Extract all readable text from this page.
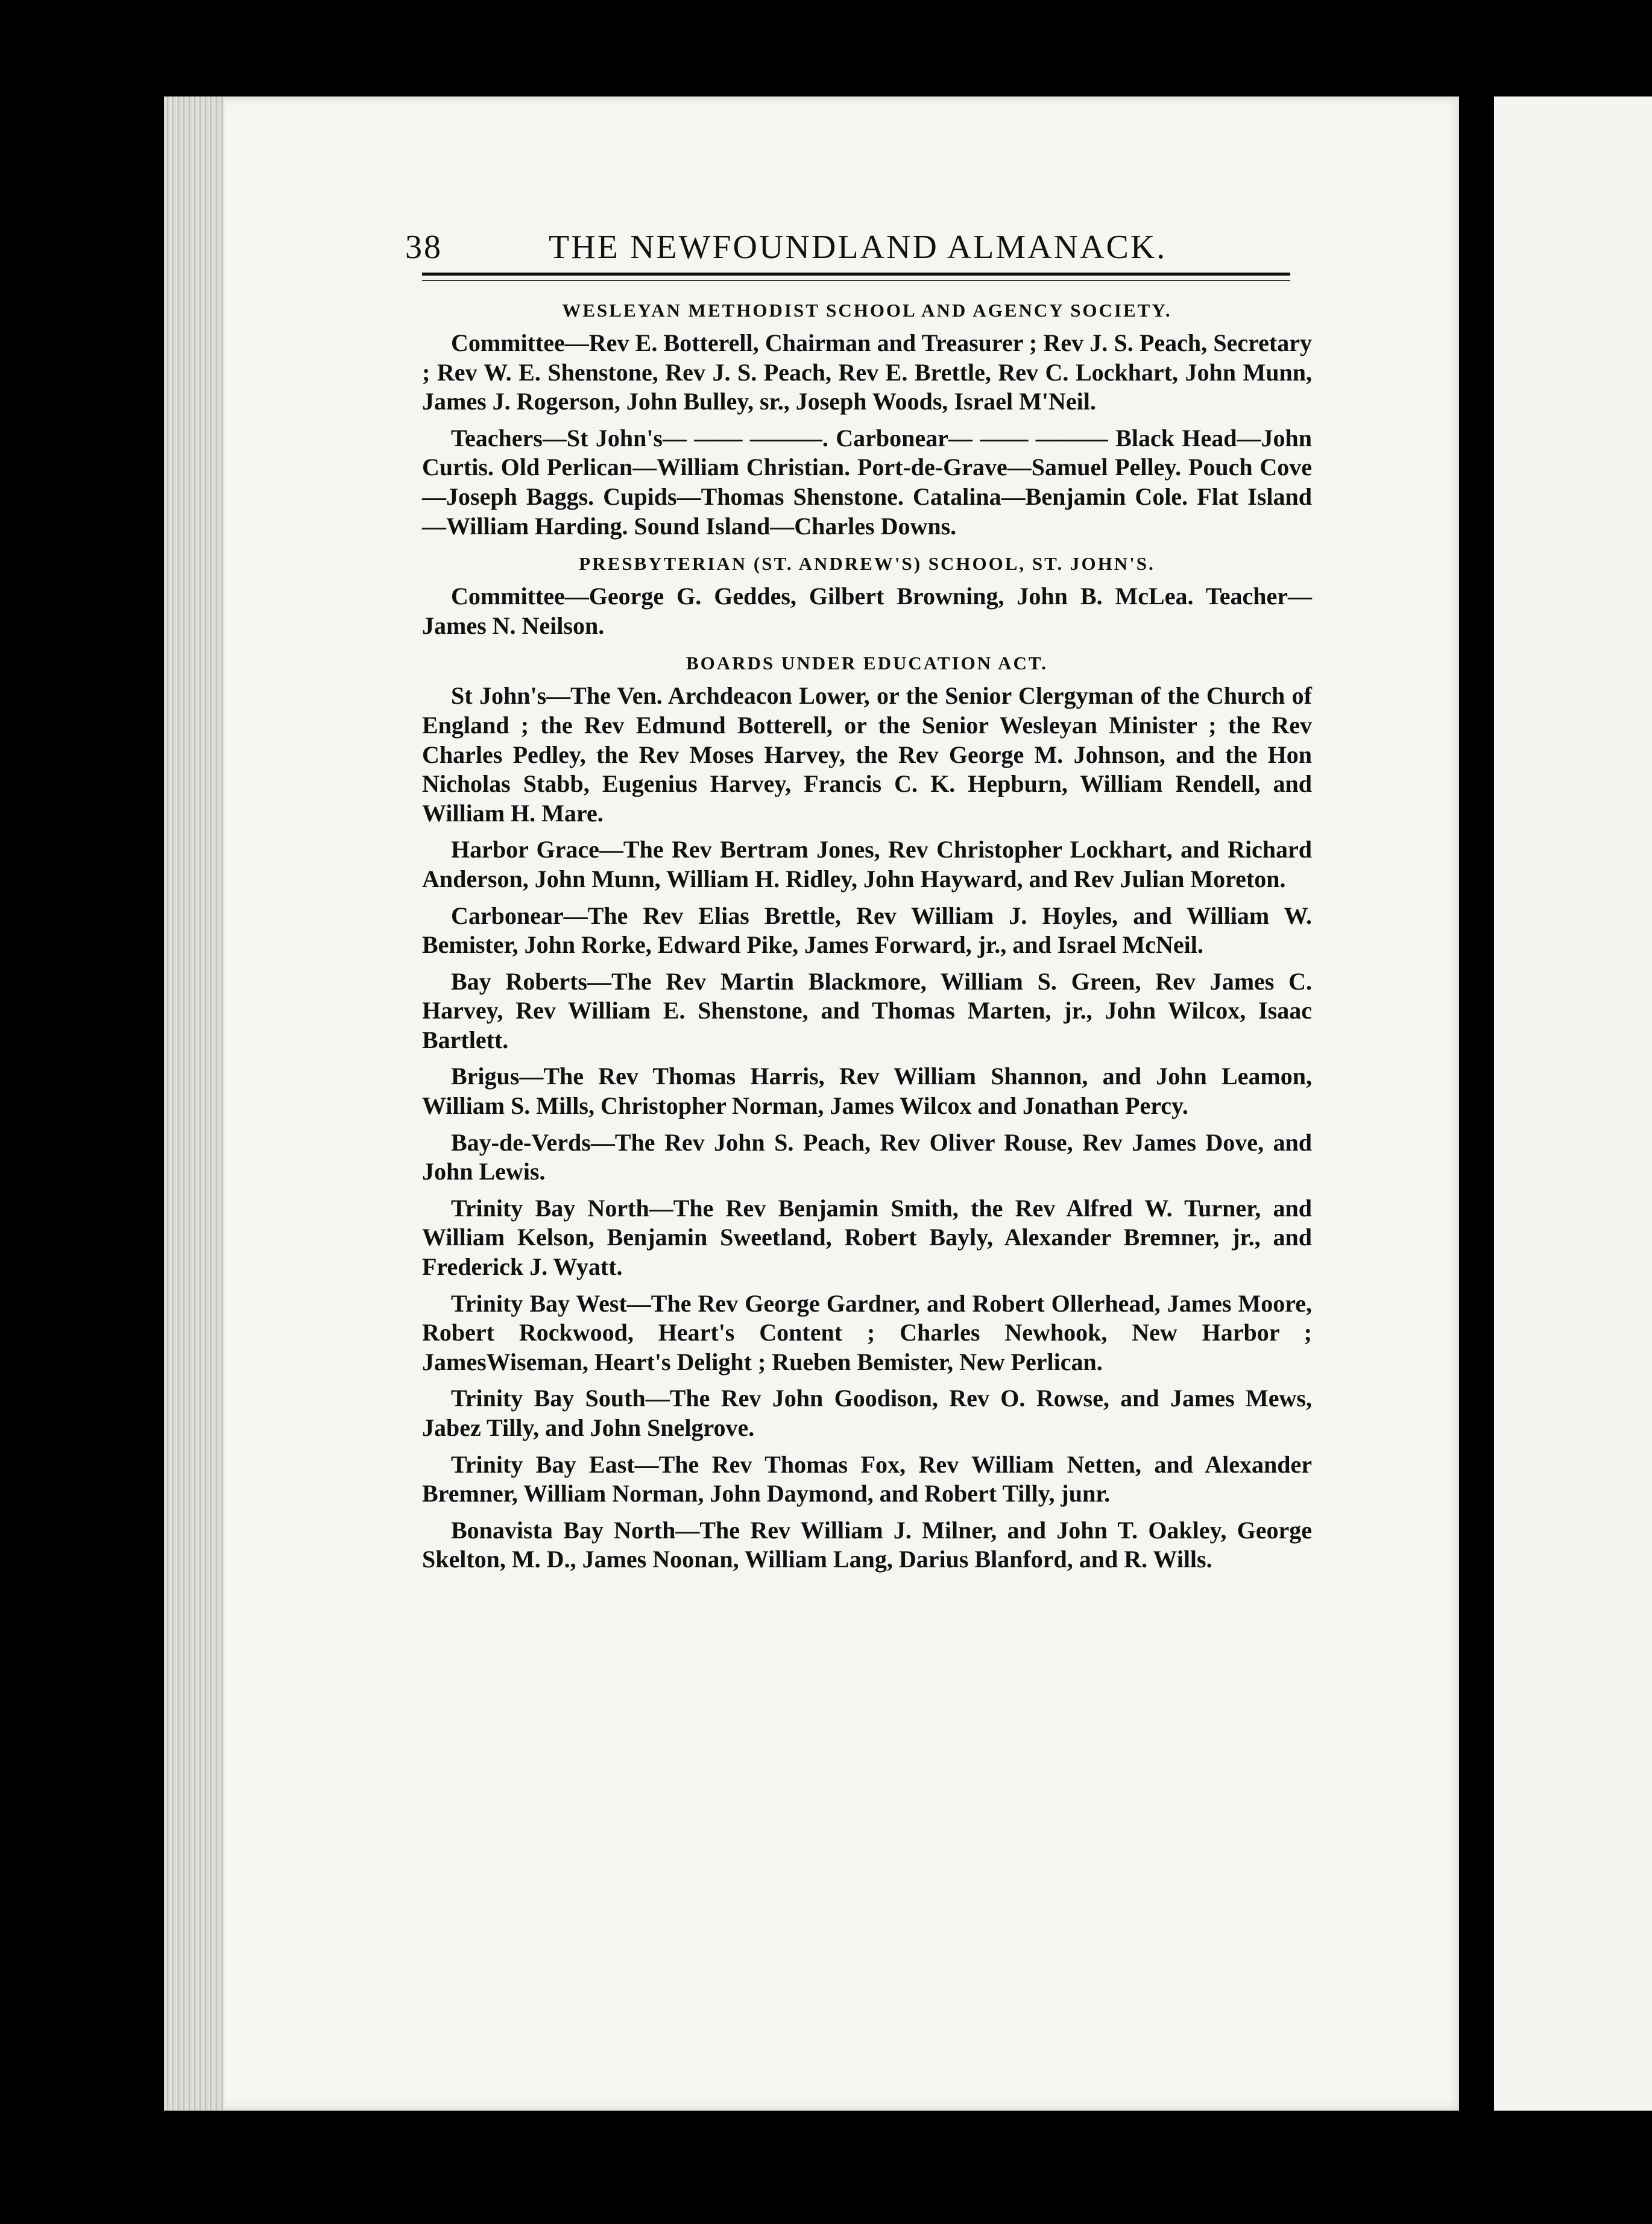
38	THE NEWFOUNDLAND ALMANACK.
WESLEYAN METHODIST SCHOOL AND AGENCY SOCIETY.

Committee—Rev E. Botterell, Chairman and Treasurer ; Rev J. S. Peach, Secretary ; Rev W. E. Shenstone, Rev J. S. Peach, Rev E. Brettle, Rev C. Lockhart, John Munn, James J. Rogerson, John Bulley, sr., Joseph Woods, Israel M'Neil.

Teachers—St John's— —— ———. Carbonear— —— ——— Black Head—John Curtis. Old Perlican—William Christian. Port-de-Grave—Samuel Pelley. Pouch Cove—Joseph Baggs. Cupids—Thomas Shenstone. Catalina—Benjamin Cole. Flat Island—William Harding. Sound Island—Charles Downs.

PRESBYTERIAN (ST. ANDREW'S) SCHOOL, ST. JOHN'S.

Committee—George G. Geddes, Gilbert Browning, John B. McLea. Teacher—James N. Neilson.

BOARDS UNDER EDUCATION ACT.

St John's—The Ven. Archdeacon Lower, or the Senior Clergyman of the Church of England ; the Rev Edmund Botterell, or the Senior Wesleyan Minister ; the Rev Charles Pedley, the Rev Moses Harvey, the Rev George M. Johnson, and the Hon Nicholas Stabb, Eugenius Harvey, Francis C. K. Hepburn, William Rendell, and William H. Mare.

Harbor Grace—The Rev Bertram Jones, Rev Christopher Lockhart, and Richard Anderson, John Munn, William H. Ridley, John Hayward, and Rev Julian Moreton.

Carbonear—The Rev Elias Brettle, Rev William J. Hoyles, and William W. Bemister, John Rorke, Edward Pike, James Forward, jr., and Israel McNeil.

Bay Roberts—The Rev Martin Blackmore, William S. Green, Rev James C. Harvey, Rev William E. Shenstone, and Thomas Marten, jr., John Wilcox, Isaac Bartlett.

Brigus—The Rev Thomas Harris, Rev William Shannon, and John Leamon, William S. Mills, Christopher Norman, James Wilcox and Jonathan Percy.

Bay-de-Verds—The Rev John S. Peach, Rev Oliver Rouse, Rev James Dove, and John Lewis.

Trinity Bay North—The Rev Benjamin Smith, the Rev Alfred W. Turner, and William Kelson, Benjamin Sweetland, Robert Bayly, Alexander Bremner, jr., and Frederick J. Wyatt.

Trinity Bay West—The Rev George Gardner, and Robert Ollerhead, James Moore, Robert Rockwood, Heart's Content ; Charles Newhook, New Harbor ; JamesWiseman, Heart's Delight ; Rueben Bemister, New Perlican.

Trinity Bay South—The Rev John Goodison, Rev O. Rowse, and James Mews, Jabez Tilly, and John Snelgrove.

Trinity Bay East—The Rev Thomas Fox, Rev William Netten, and Alexander Bremner, William Norman, John Daymond, and Robert Tilly, junr.

Bonavista Bay North—The Rev William J. Milner, and John T. Oakley, George Skelton, M. D., James Noonan, William Lang, Darius Blanford, and R. Wills.
